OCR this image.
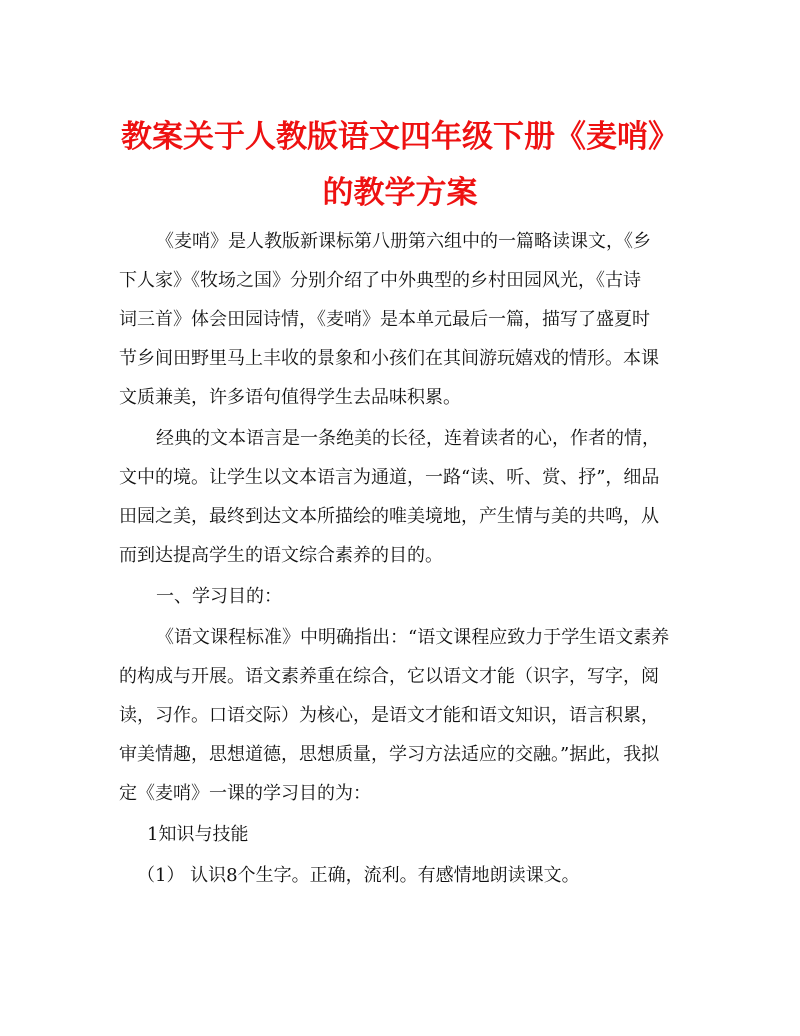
教案关于人教版语文四年级下册《麦哨》
的教学方案
《麦哨》是人教版新课标第八册第六组中的一篇略读课文，《乡
下人家》《牧场之国》分别介绍了中外典型的乡村田园风光，《古诗
词三首》体会田园诗情，《麦哨》是本单元最后一篇，描写了盛夏时
节乡间田野里马上丰收的景象和小孩们在其间游玩嬉戏的情形。本课
文质兼美，许多语句值得学生去品味积累。
经典的文本语言是一条绝美的长径，连着读者的心，作者的情，
文中的境。让学生以文本语言为通道，一路“读、听、赏、抒”，细品
田园之美，最终到达文本所描绘的唯美境地，产生情与美的共鸣，从
而到达提高学生的语文综合素养的目的。
一、学习目的：
《语文课程标准》中明确指出：“语文课程应致力于学生语文素养
的构成与开展。语文素养重在综合，它以语文才能（识字，写字，阅
读，习作。口语交际）为核心，是语文才能和语文知识，语言积累，
审美情趣，思想道德，思想质量，学习方法适应的交融。”据此，我拟
定《麦哨》一课的学习目的为：
1知识与技能
（1） 认识8个生字。正确，流利。有感情地朗读课文。
